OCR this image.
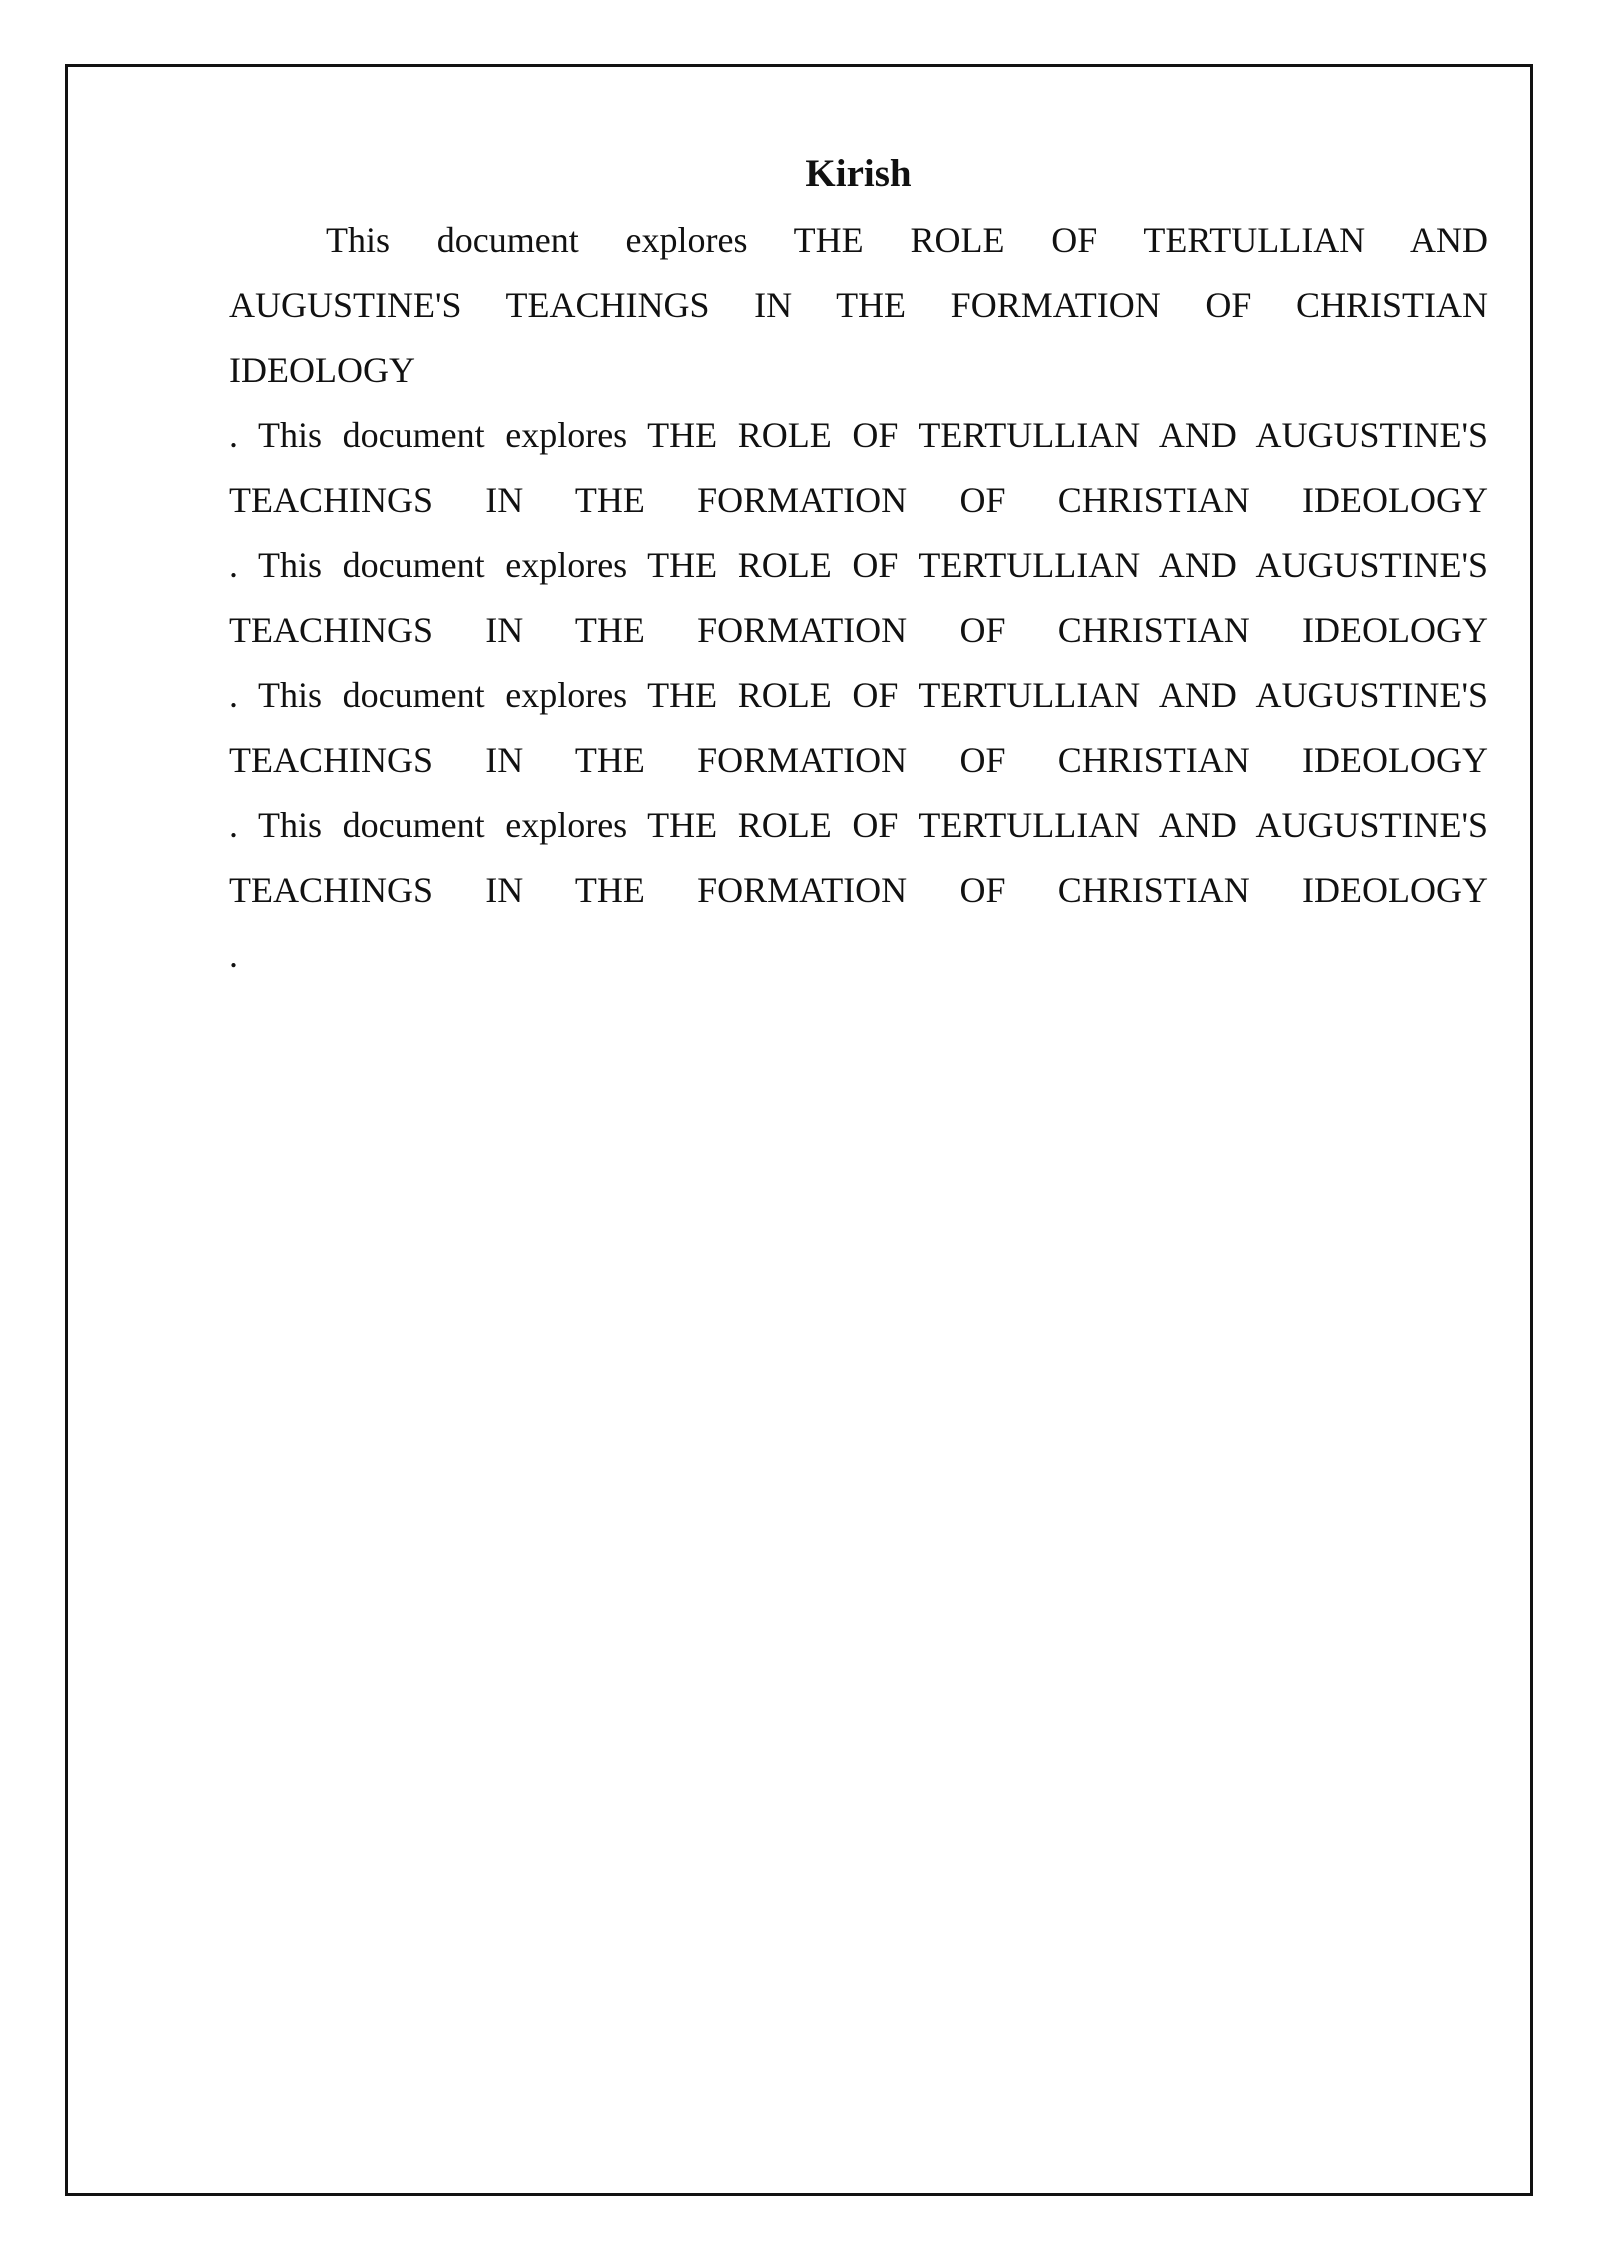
Kirish
This document explores THE ROLE OF TERTULLIAN AND
AUGUSTINE'S TEACHINGS IN THE FORMATION OF CHRISTIAN
IDEOLOGY
. This document explores THE ROLE OF TERTULLIAN AND AUGUSTINE'S
TEACHINGS IN THE FORMATION OF CHRISTIAN IDEOLOGY
. This document explores THE ROLE OF TERTULLIAN AND AUGUSTINE'S
TEACHINGS IN THE FORMATION OF CHRISTIAN IDEOLOGY
. This document explores THE ROLE OF TERTULLIAN AND AUGUSTINE'S
TEACHINGS IN THE FORMATION OF CHRISTIAN IDEOLOGY
. This document explores THE ROLE OF TERTULLIAN AND AUGUSTINE'S
TEACHINGS IN THE FORMATION OF CHRISTIAN IDEOLOGY
.
